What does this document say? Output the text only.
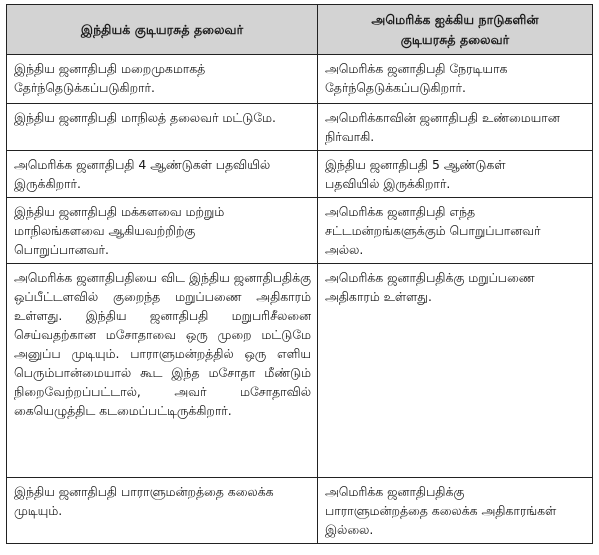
இந்தியக் குடியரசுத் தலைவர்	அமெரிக்க ஐக்கிய நாடுகளின் குடியரசுத் தலைவர்

இந்திய ஜனாதிபதி மறைமுகமாகத் தேர்ந்தெடுக்கப்படுகிறார்.	அமெரிக்க ஜனாதிபதி நேரடியாக தேர்ந்தெடுக்கப்படுகிறார்.

இந்திய ஜனாதிபதி மாநிலத் தலைவர் மட்டுமே.	அமெரிக்காவின் ஜனாதிபதி உண்மையான நிர்வாகி.

அமெரிக்க ஜனாதிபதி 4 ஆண்டுகள் பதவியில் இருக்கிறார்.	இந்திய ஜனாதிபதி 5 ஆண்டுகள் பதவியில் இருக்கிறார்.

இந்திய ஜனாதிபதி மக்களவை மற்றும் மாநிலங்களவை ஆகியவற்றிற்கு பொறுப்பானவர்.	அமெரிக்க ஜனாதிபதி எந்த சட்டமன்றங்களுக்கும் பொறுப்பானவர் அல்ல.

அமெரிக்க ஜனாதிபதியை விட இந்திய ஜனாதிபதிக்கு ஒப்பீட்டளவில் குறைந்த மறுப்பணை அதிகாரம் உள்ளது. இந்திய ஜனாதிபதி மறுபரிசீலனை செய்வதற்கான மசோதாவை ஒரு முறை மட்டுமே அனுப்ப முடியும். பாராளுமன்றத்தில் ஒரு எளிய பெரும்பான்மையால் கூட இந்த மசோதா மீண்டும் நிறைவேற்றப்பட்டால், அவர் மசோதாவில் கையெழுத்திட கடமைப்பட்டிருக்கிறார்.	அமெரிக்க ஜனாதிபதிக்கு மறுப்பணை அதிகாரம் உள்ளது.

இந்திய ஜனாதிபதி பாராளுமன்றத்தை கலைக்க முடியும்.	அமெரிக்க ஜனாதிபதிக்கு பாராளுமன்றத்தை கலைக்க அதிகாரங்கள் இல்லை.
